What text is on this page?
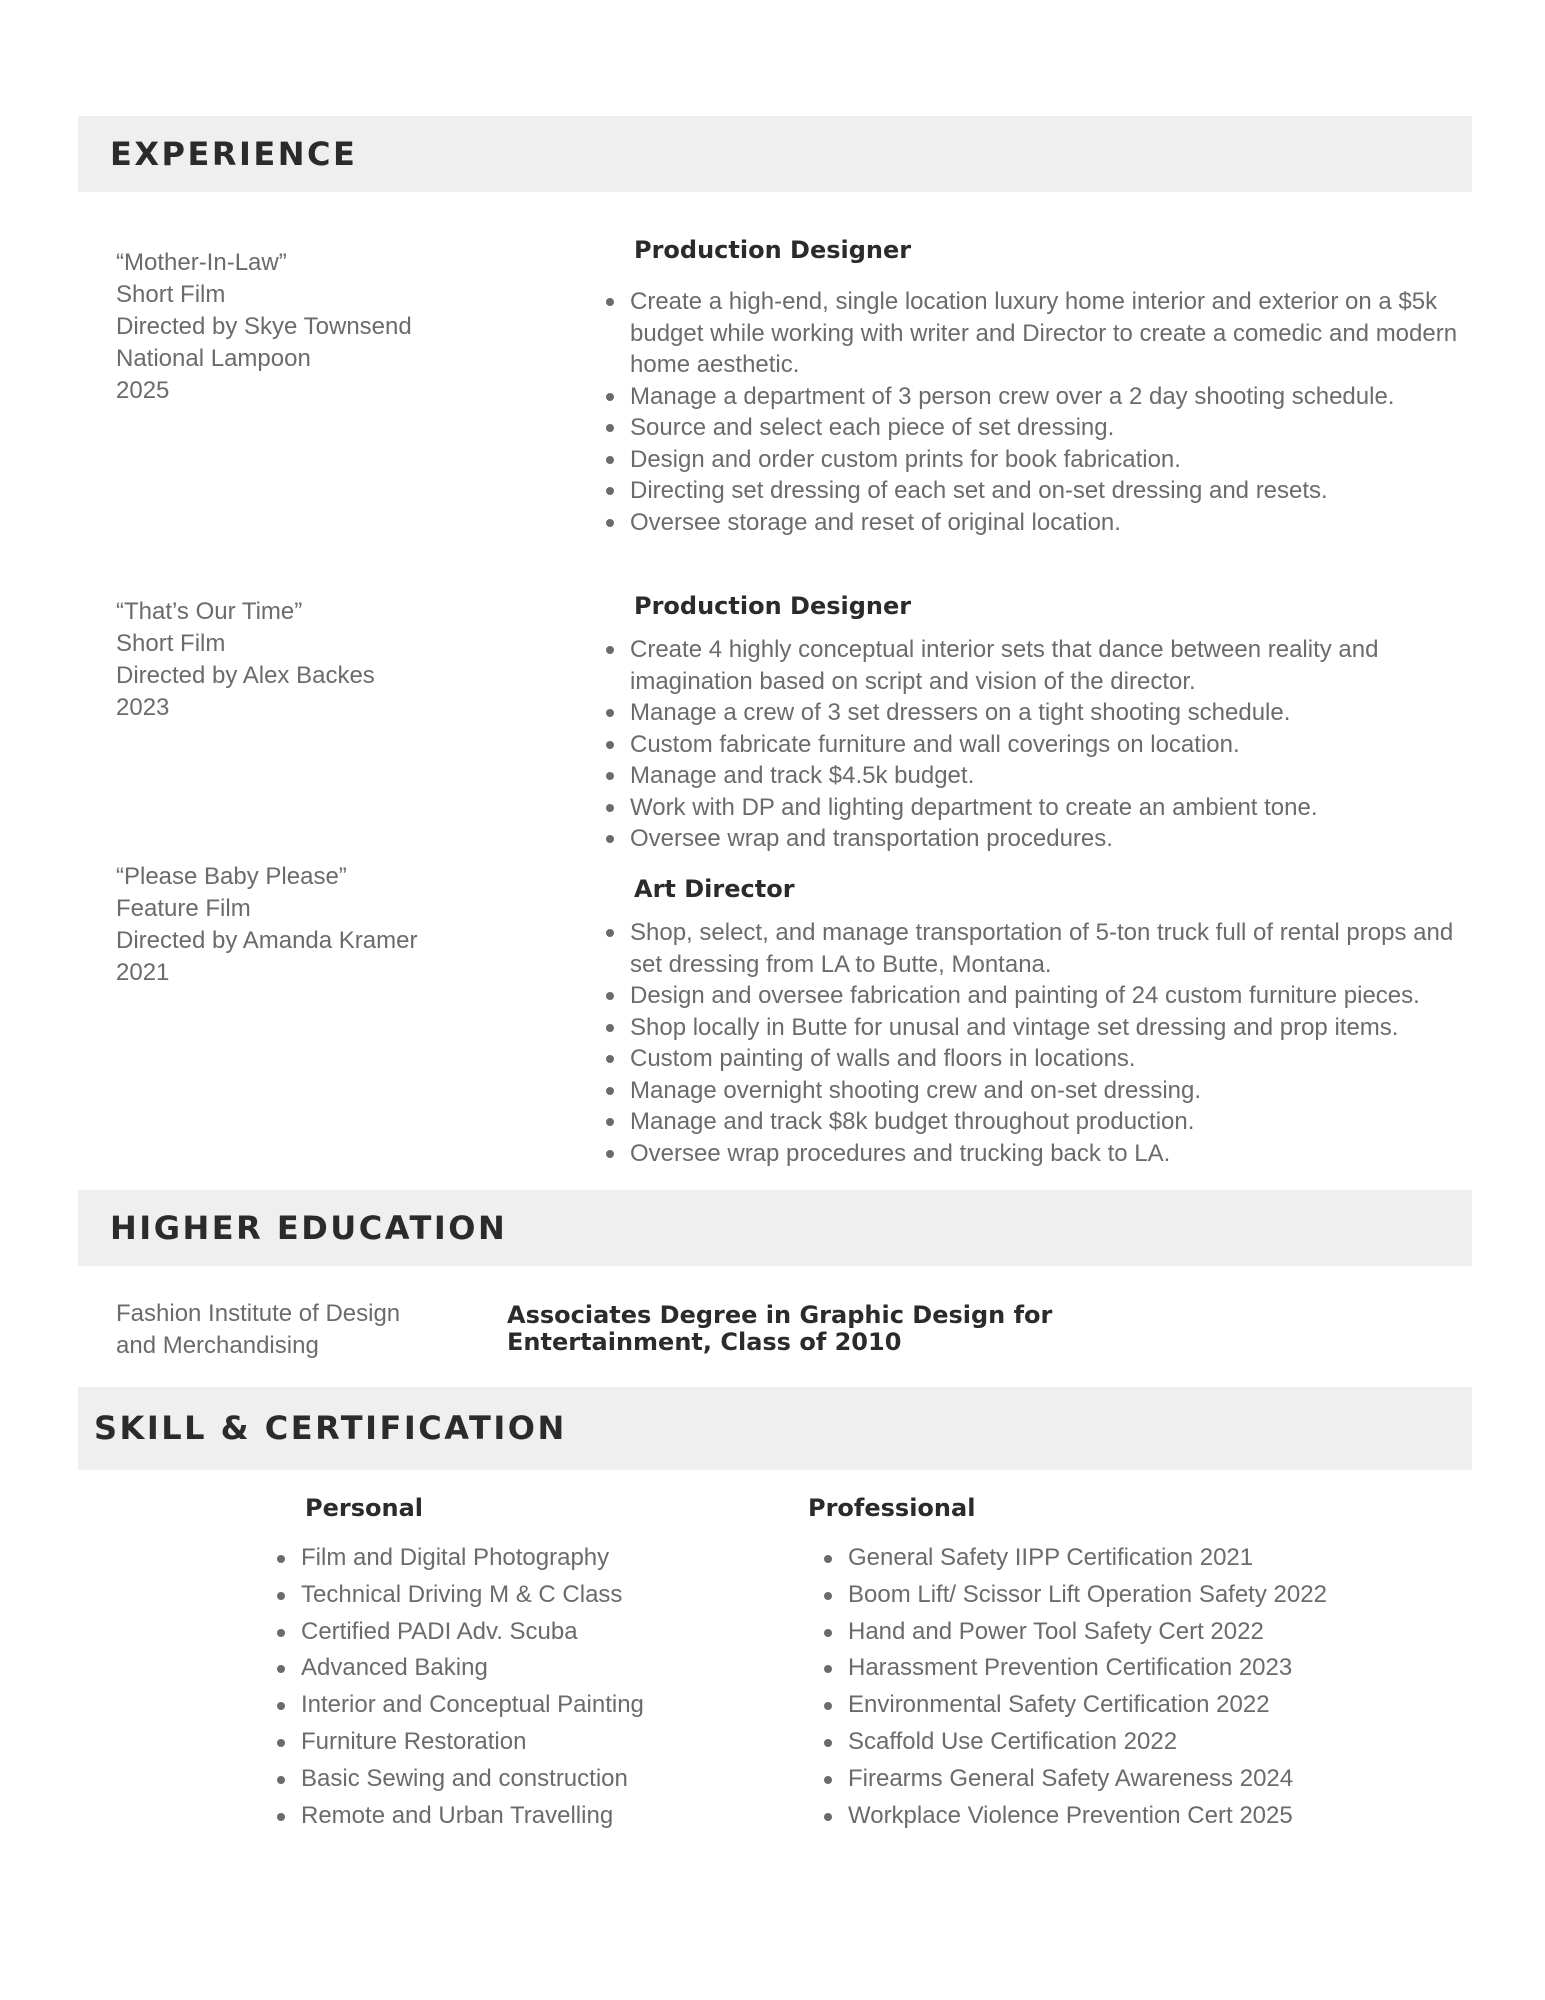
EXPERIENCE
“Mother-In-Law”
Short Film
Directed by Skye Townsend
National Lampoon
2025

Production Designer

Create a high-end, single location luxury home interior and exterior on a $5k budget while working with writer and Director to create a comedic and modern home aesthetic.
Manage a department of 3 person crew over a 2 day shooting schedule.
Source and select each piece of set dressing.
Design and order custom prints for book fabrication.
Directing set dressing of each set and on-set dressing and resets.
Oversee storage and reset of original location.
“That’s Our Time”
Short Film
Directed by Alex Backes
2023

Production Designer

Create 4 highly conceptual interior sets that dance between reality and imagination based on script and vision of the director.
Manage a crew of 3 set dressers on a tight shooting schedule.
Custom fabricate furniture and wall coverings on location.
Manage and track $4.5k budget.
Work with DP and lighting department to create an ambient tone.
Oversee wrap and transportation procedures.
“Please Baby Please”
Feature Film
Directed by Amanda Kramer
2021

Art Director

Shop, select, and manage transportation of 5-ton truck full of rental props and set dressing from LA to Butte, Montana.
Design and oversee fabrication and painting of 24 custom furniture pieces.
Shop locally in Butte for unusal and vintage set dressing and prop items.
Custom painting of walls and floors in locations.
Manage overnight shooting crew and on-set dressing.
Manage and track $8k budget throughout production.
Oversee wrap procedures and trucking back to LA.
HIGHER EDUCATION

Fashion Institute of Design
and Merchandising

Associates Degree in Graphic Design for
Entertainment, Class of 2010

SKILL & CERTIFICATION

Personal

Film and Digital Photography
Technical Driving M & C Class
Certified PADI Adv. Scuba
Advanced Baking
Interior and Conceptual Painting
Furniture Restoration
Basic Sewing and construction
Remote and Urban Travelling

Professional

General Safety IIPP Certification 2021
Boom Lift/ Scissor Lift Operation Safety 2022
Hand and Power Tool Safety Cert 2022
Harassment Prevention Certification 2023
Environmental Safety Certification 2022
Scaffold Use Certification 2022
Firearms General Safety Awareness 2024
Workplace Violence Prevention Cert 2025
